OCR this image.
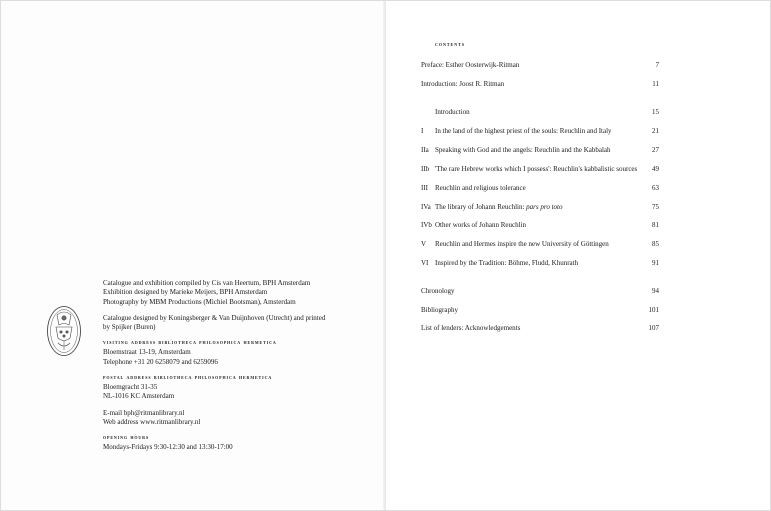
Catalogue and exhibition compiled by Cis van Heertum, BPH Amsterdam

Exhibition designed by Marieke Meijers, BPH Amsterdam

Photography by MBM Productions (Michiel Bootsman), Amsterdam

Catalogue designed by Koningsberger & Van Duijnhoven (Utrecht) and printed

by Spijker (Buren)

visiting address bibliotheca philosophica hermetica

Bloemstraat 13-19, Amsterdam

Telephone +31 20 6258079 and 6259096

postal address bibliotheca philosophica hermetica

Bloemgracht 31-35

NL-1016 KC Amsterdam

E-mail bph@ritmanlibrary.nl

Web address www.ritmanlibrary.nl

opening hours

Mondays-Fridays 9:30-12:30 and 13:30-17:00

contents
Preface: Esther Oosterwijk-Ritman	7
Introduction: Joost R. Ritman	11
Introduction	15
I In the land of the highest priest of the souls: Reuchlin and Italy	21
IIa Speaking with God and the angels: Reuchlin and the Kabbalah	27
IIb 'The rare Hebrew works which I possess': Reuchlin's kabbalistic sources 49
III Reuchlin and religious tolerance	63
IVa The library of Johann Reuchlin: pars pro toto	75
IVb Other works of Johann Reuchlin	81
V Reuchlin and Hermes inspire the new University of Göttingen	85
VI Inspired by the Tradition: Böhme, Fludd, Khunrath	91
Chronology	94
Bibliography	101
List of lenders: Acknowledgements	107
